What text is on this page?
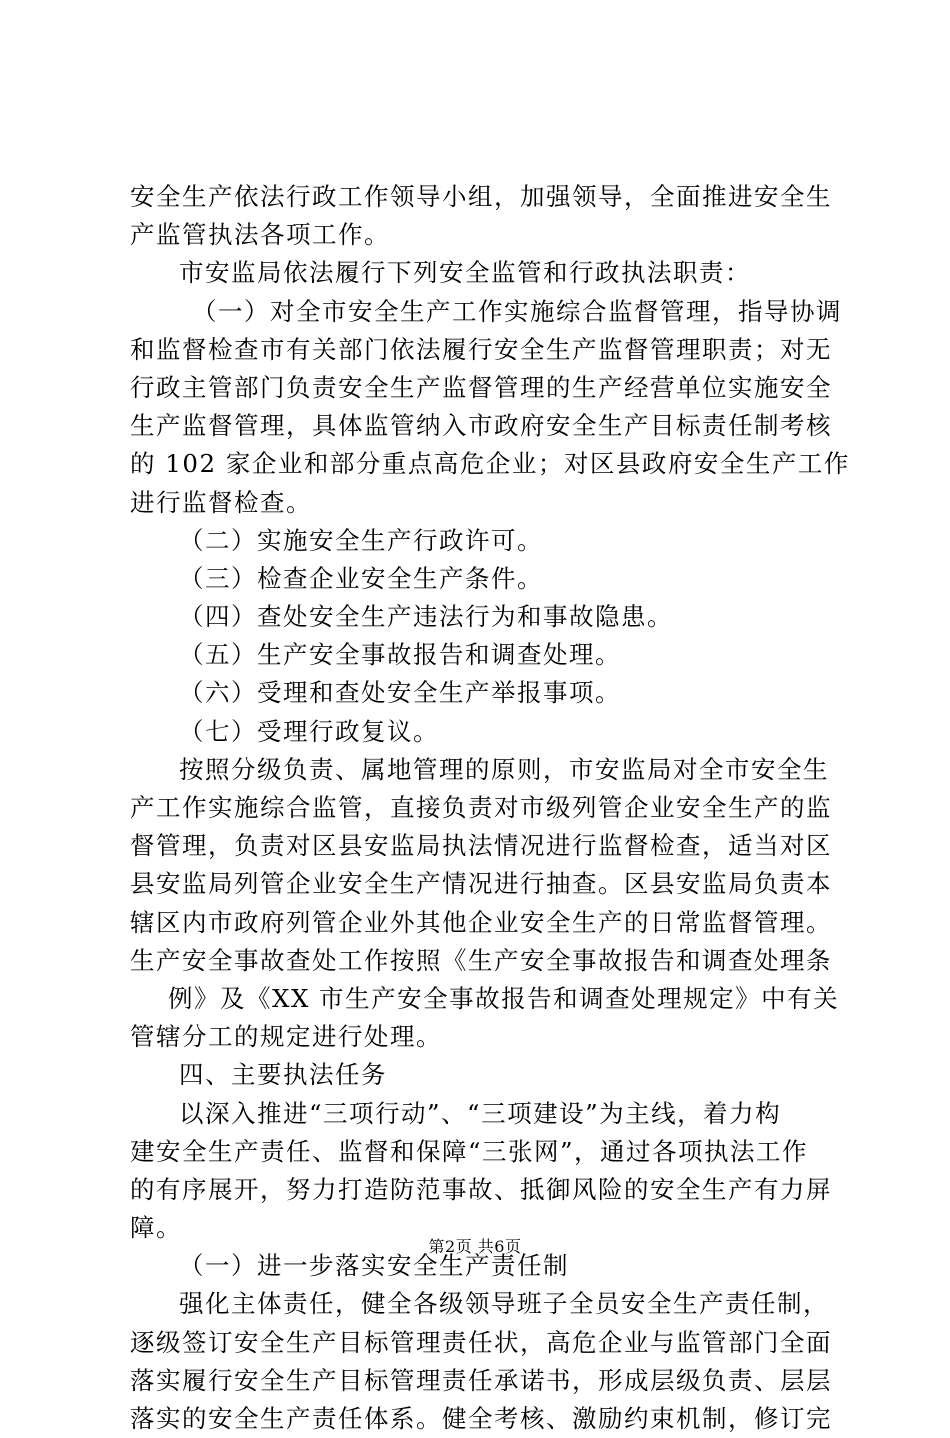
安全生产依法行政工作领导小组，加强领导，全面推进安全生
产监管执法各项工作。
市安监局依法履行下列安全监管和行政执法职责：
（一）对全市安全生产工作实施综合监督管理，指导协调
和监督检查市有关部门依法履行安全生产监督管理职责；对无
行政主管部门负责安全生产监督管理的生产经营单位实施安全
生产监督管理，具体监管纳入市政府安全生产目标责任制考核
的 102 家企业和部分重点高危企业；对区县政府安全生产工作
进行监督检查。
（二）实施安全生产行政许可。
（三）检查企业安全生产条件。
（四）查处安全生产违法行为和事故隐患。
（五）生产安全事故报告和调查处理。
（六）受理和查处安全生产举报事项。
（七）受理行政复议。
按照分级负责、属地管理的原则，市安监局对全市安全生
产工作实施综合监管，直接负责对市级列管企业安全生产的监
督管理，负责对区县安监局执法情况进行监督检查，适当对区
县安监局列管企业安全生产情况进行抽查。区县安监局负责本
辖区内市政府列管企业外其他企业安全生产的日常监督管理。
生产安全事故查处工作按照《生产安全事故报告和调查处理条
例》及《XX 市生产安全事故报告和调查处理规定》中有关
管辖分工的规定进行处理。
四、主要执法任务
以深入推进“三项行动”、“三项建设”为主线，着力构
建安全生产责任、监督和保障“三张网”，通过各项执法工作
的有序展开，努力打造防范事故、抵御风险的安全生产有力屏
障。
（一）进一步落实安全生产责任制
强化主体责任，健全各级领导班子全员安全生产责任制，
逐级签订安全生产目标管理责任状，高危企业与监管部门全面
落实履行安全生产目标管理责任承诺书，形成层级负责、层层
落实的安全生产责任体系。健全考核、激励约束机制，修订完
第2页 共6页
